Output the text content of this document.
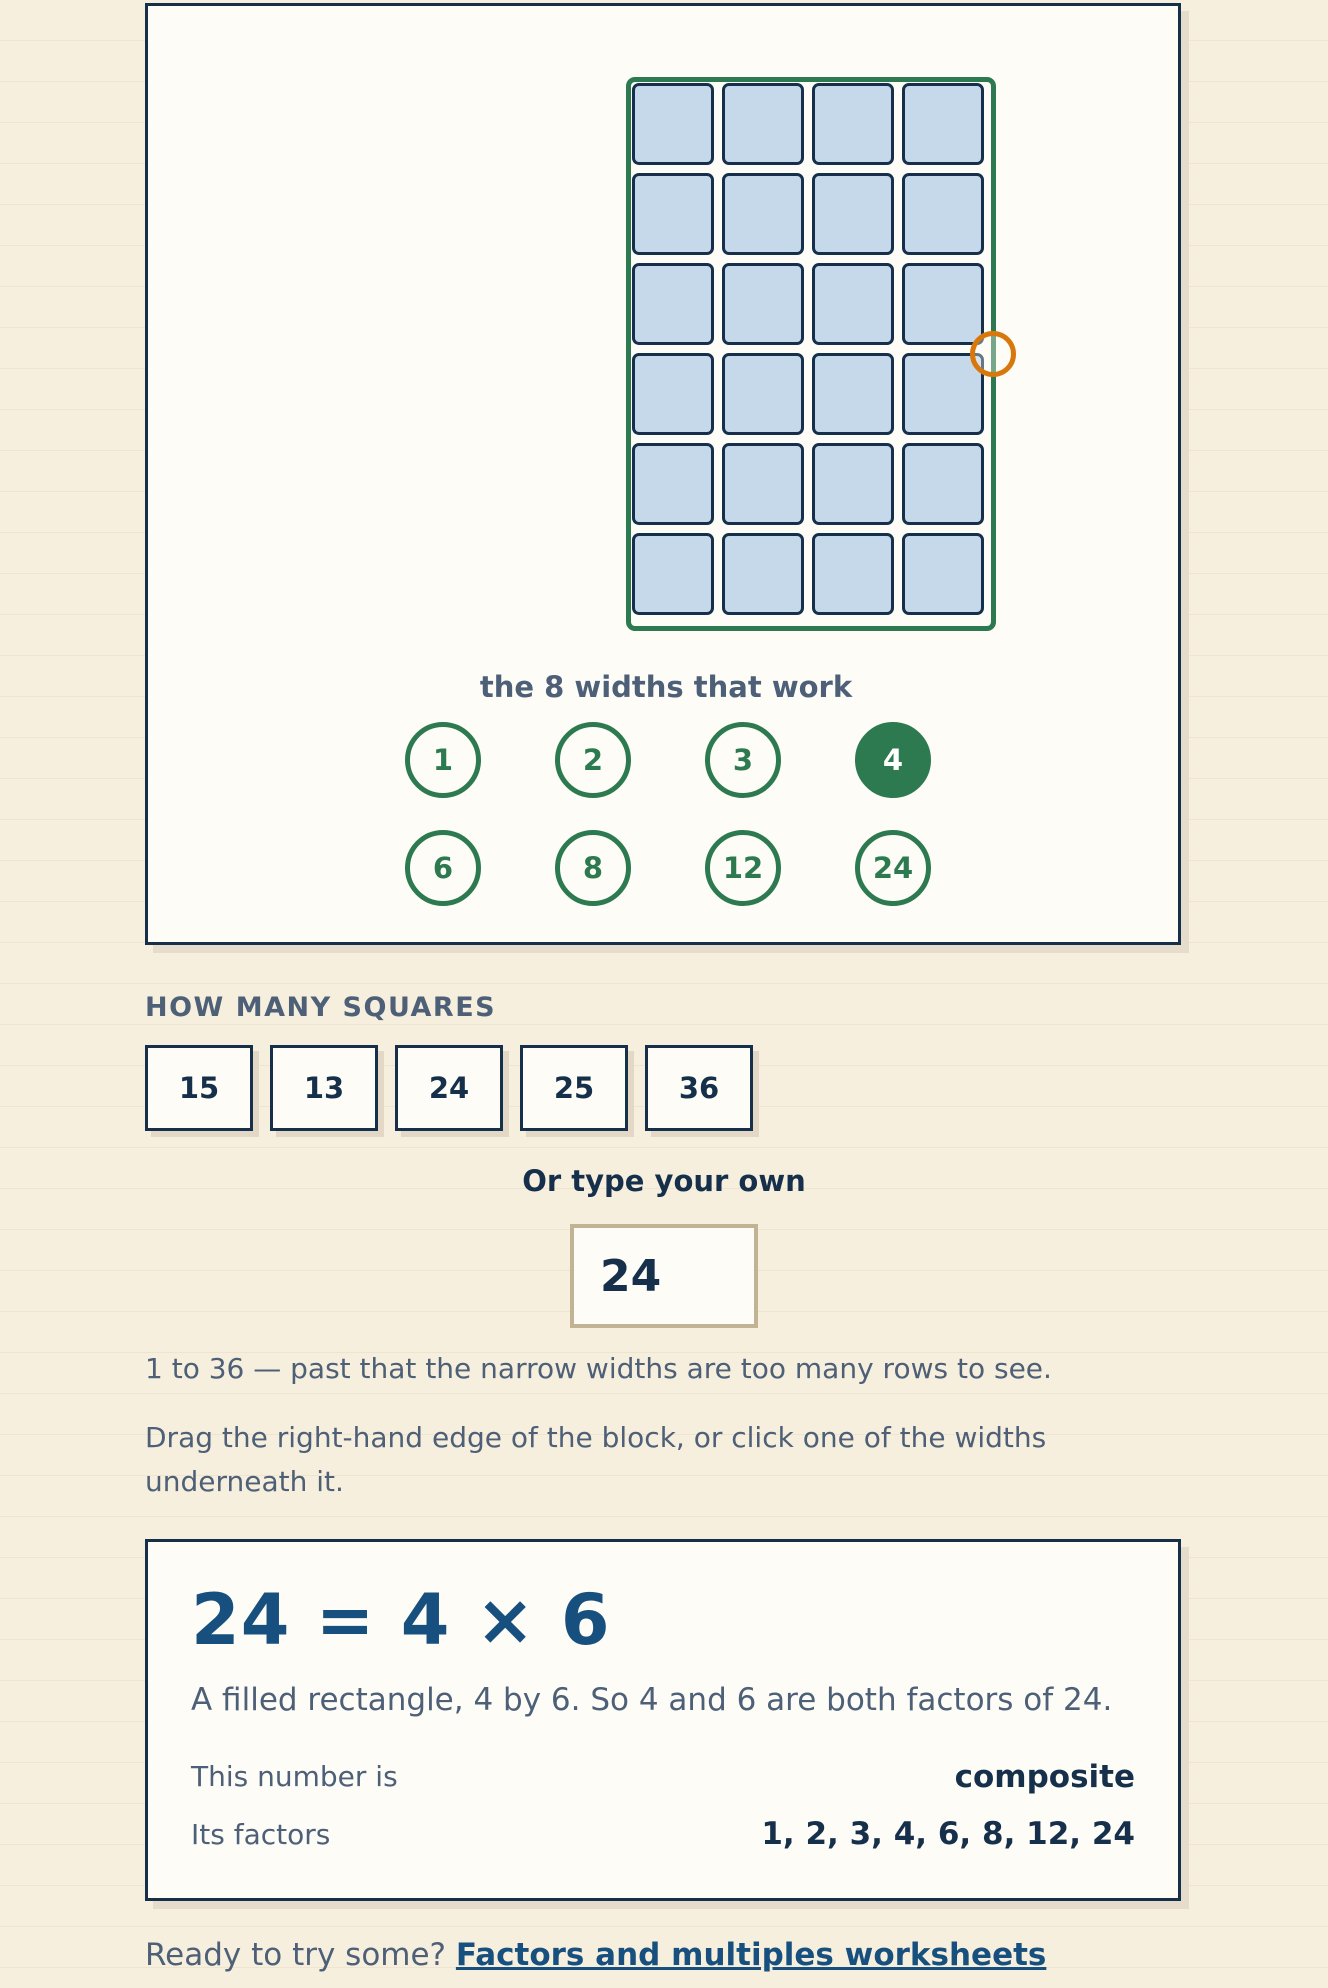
the 8 widths that work
1	2	3	4
6	8	12	24
HOW MANY SQUARES
15	13	24	25	36
Or type your own
24
1 to 36 — past that the narrow widths are too many rows to see.
Drag the right-hand edge of the block, or click one of the widths underneath it.
24 = 4 × 6
A filled rectangle, 4 by 6. So 4 and 6 are both factors of 24.
This number is	composite
Its factors	1, 2, 3, 4, 6, 8, 12, 24
Ready to try some? Factors and multiples worksheets
